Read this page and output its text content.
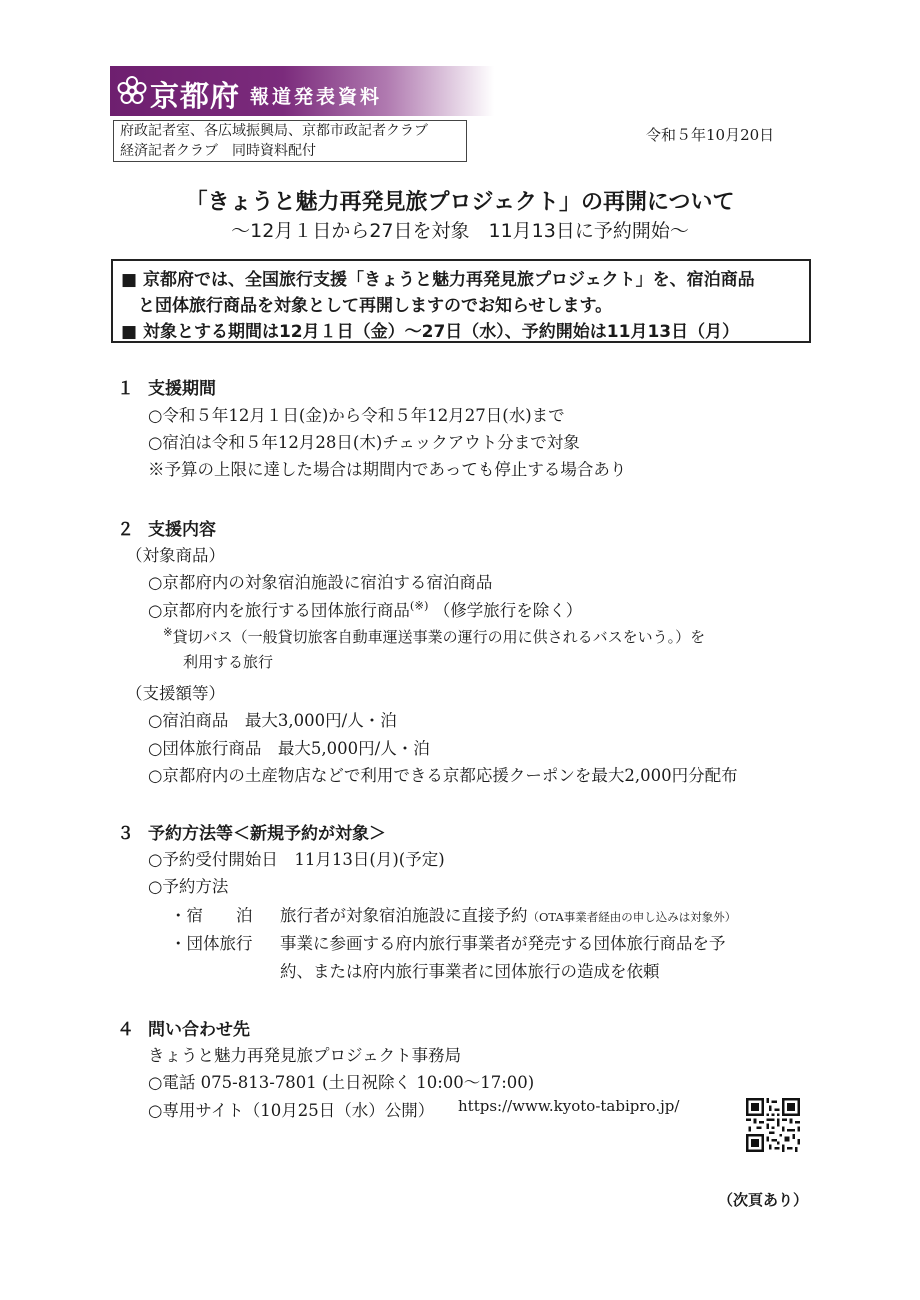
京都府 報道発表資料
府政記者室、各広域振興局、京都市政記者クラブ
経済記者クラブ　同時資料配付
令和５年10月20日
「きょうと魅力再発見旅プロジェクト」の再開について
～12月１日から27日を対象　11月13日に予約開始～
■ 京都府では、全国旅行支援「きょうと魅力再発見旅プロジェクト」を、宿泊商品
　と団体旅行商品を対象として再開しますのでお知らせします。
■ 対象とする期間は12月１日（金）～27日（水）、予約開始は11月13日（月）
１ 支援期間
○令和５年12月１日(金)から令和５年12月27日(水)まで
○宿泊は令和５年12月28日(木)チェックアウト分まで対象
※予算の上限に達した場合は期間内であっても停止する場合あり
２ 支援内容
（対象商品）
○京都府内の対象宿泊施設に宿泊する宿泊商品
○京都府内を旅行する団体旅行商品(※) （修学旅行を除く）
※貸切バス（一般貸切旅客自動車運送事業の運行の用に供されるバスをいう。）を
利用する旅行
（支援額等）
○宿泊商品　最大3,000円/人・泊
○団体旅行商品　最大5,000円/人・泊
○京都府内の土産物店などで利用できる京都応援クーポンを最大2,000円分配布
３ 予約方法等＜新規予約が対象＞
○予約受付開始日　11月13日(月)(予定)
○予約方法
・宿　　泊 旅行者が対象宿泊施設に直接予約（OTA事業者経由の申し込みは対象外）
・団体旅行 事業に参画する府内旅行事業者が発売する団体旅行商品を予
約、または府内旅行事業者に団体旅行の造成を依頼
４ 問い合わせ先
きょうと魅力再発見旅プロジェクト事務局
○電話 075-813-7801 (土日祝除く 10:00～17:00)
○専用サイト（10月25日（水）公開） https://www.kyoto-tabipro.jp/
（次頁あり）
